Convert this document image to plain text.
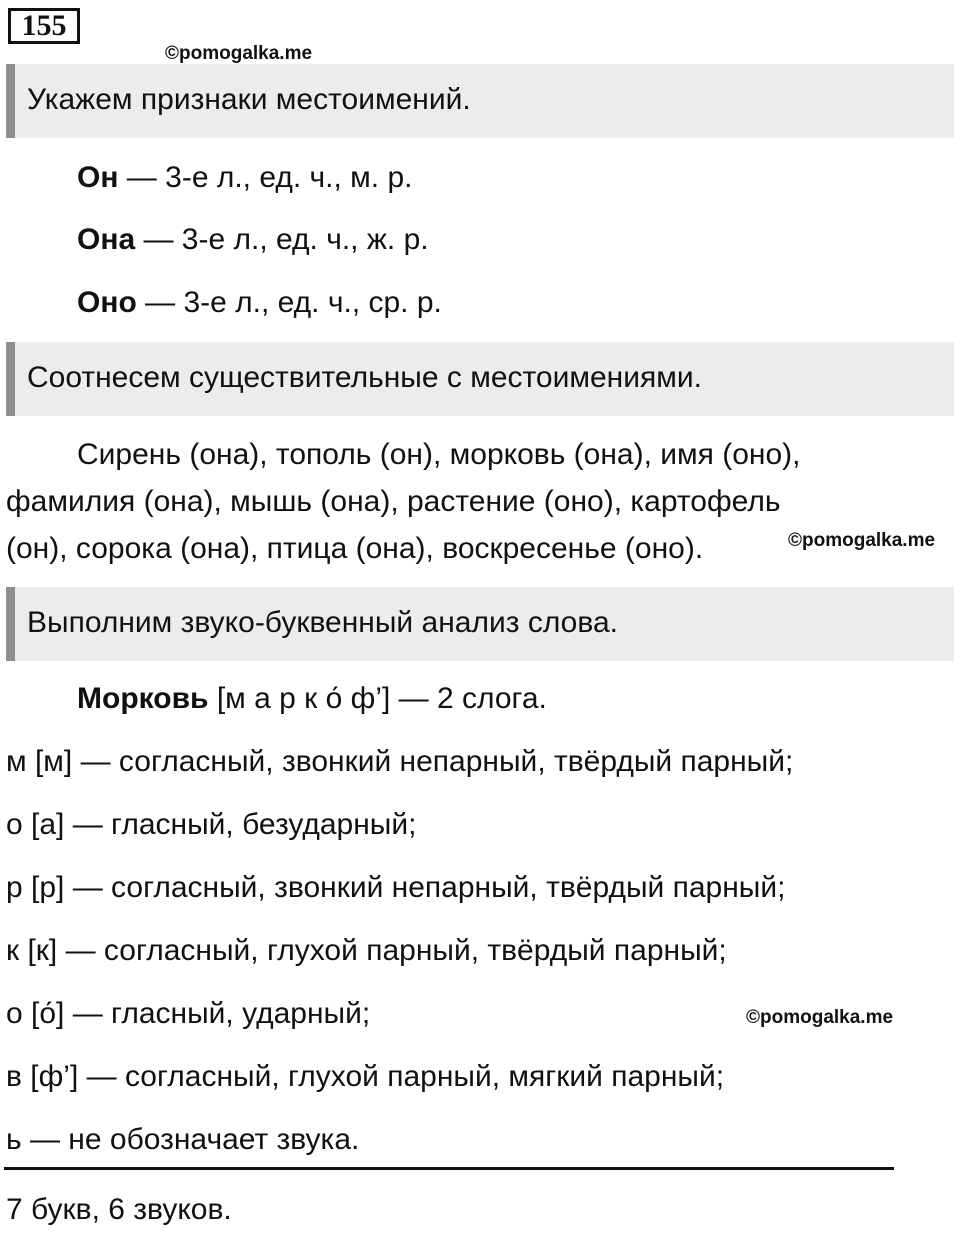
155
©pomogalka.me
Укажем признаки местоимений.
Он — 3-е л., ед. ч., м. р.
Она — 3-е л., ед. ч., ж. р.
Оно — 3-е л., ед. ч., ср. р.
Соотнесем существительные с местоимениями.
Сирень (она), тополь (он), морковь (она), имя (оно),
фамилия (она), мышь (она), растение (оно), картофель
(он), сорока (она), птица (она), воскресенье (оно).	©pomogalka.me
Выполним звуко-буквенный анализ слова.
Морковь [м а р к о́ ф’] — 2 слога.
м [м] — согласный, звонкий непарный, твёрдый парный;
о [а] — гласный, безударный;
р [р] — согласный, звонкий непарный, твёрдый парный;
к [к] — согласный, глухой парный, твёрдый парный;
о [о́] — гласный, ударный;	©pomogalka.me
в [ф’] — согласный, глухой парный, мягкий парный;
ь — не обозначает звука.
7 букв, 6 звуков.
